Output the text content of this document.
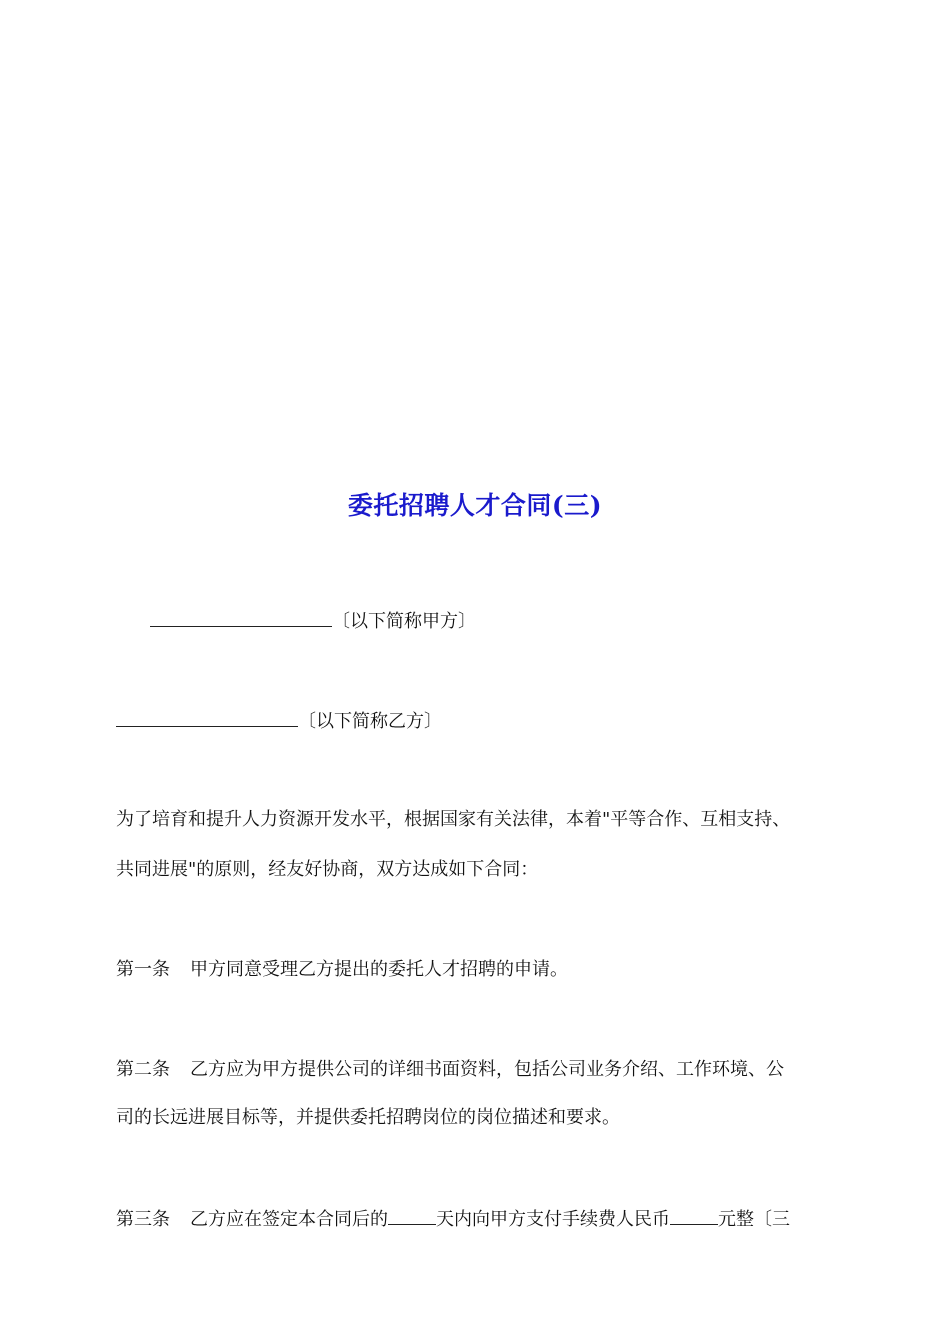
委托招聘人才合同(三)
〔以下简称甲方〕
〔以下简称乙方〕
为了培育和提升人力资源开发水平，根据国家有关法律，本着"平等合作、互相支持、
共同进展"的原则，经友好协商，双方达成如下合同：
第一条 甲方同意受理乙方提出的委托人才招聘的申请。
第二条 乙方应为甲方提供公司的详细书面资料，包括公司业务介绍、工作环境、公
司的长远进展目标等，并提供委托招聘岗位的岗位描述和要求。
第三条 乙方应在签定本合同后的	天内向甲方支付手续费人民币	元整〔三
